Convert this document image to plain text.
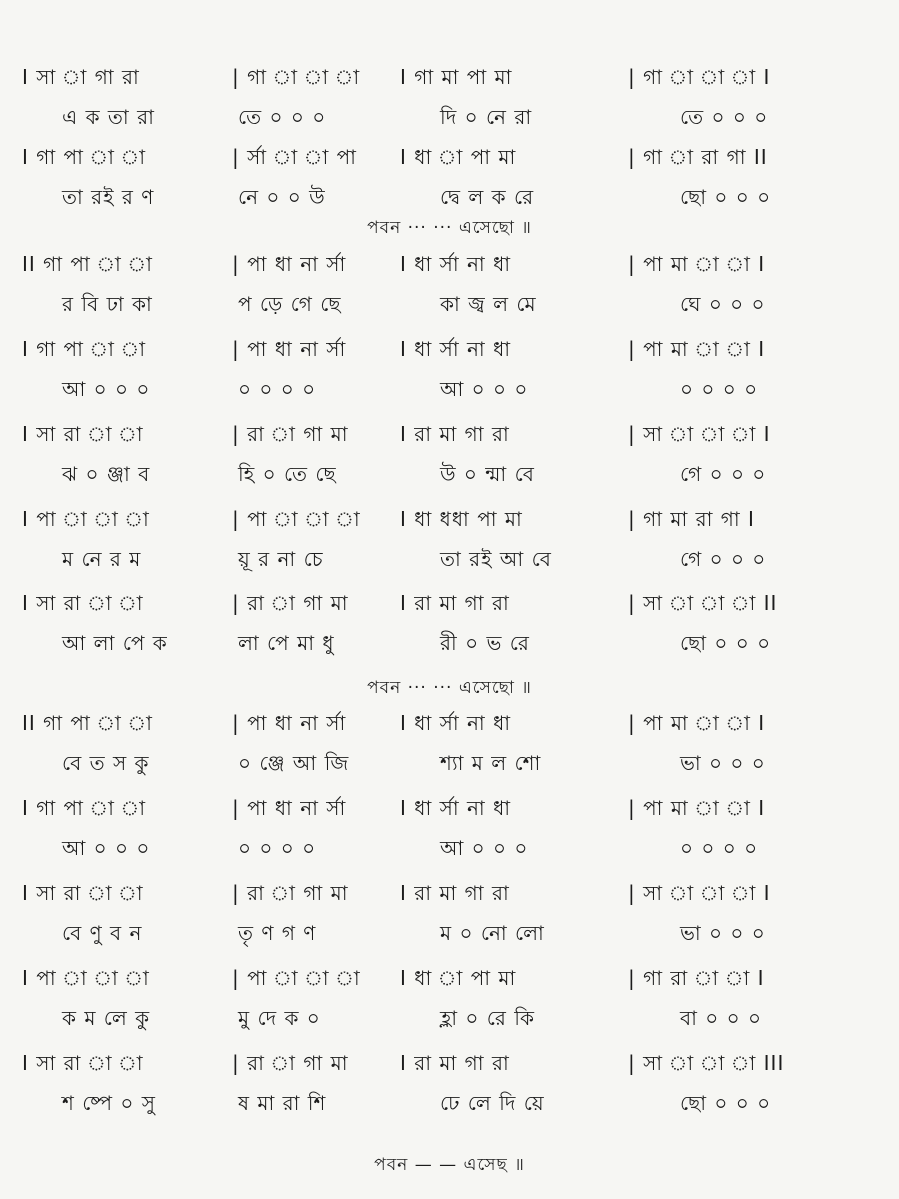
I সা া গা রা	| গা া া া I গা মা পা মা	| গা া া া I
এ ক তা রা	তে ০ ০ ০	দি ০ নে রা	তে ০ ০ ০
I গা পা া া	| র্সা া া পা I ধা া পা মা	| গা া রা গা II
তা রই র ণ	নে ০ ০ উ	দ্বে ল ক রে	ছো ০ ০ ০
পবন ··· ··· এসেছো ॥
II গা পা া া	| পা ধা না র্সা	I ধা র্সা না ধা	| পা মা া া I
র বি ঢা কা	প ড়ে গে ছে	কা জ্ব ল মে	ঘে ০ ০ ০
I গা পা া া	| পা ধা না র্সা	I ধা র্সা না ধা	| পা মা া া I
আ ০ ০ ০	০ ০ ০ ০	আ ০ ০ ০	০ ০ ০ ০
I সা রা া া	| রা া গা মা	I রা মা গা রা	| সা া া া I
ঝ ০ ঞ্জা ব	হি ০ তে ছে	উ ০ ন্মা বে	গে ০ ০ ০
I পা া া া	| পা া া া I ধা ধধা পা মা	| গা মা রা গা I
ম নে র ম	য়ূ র না চে	তা রই আ বে	গে ০ ০ ০
I সা রা া া	| রা া গা মা	I রা মা গা রা	| সা া া া II
আ লা পে ক	লা পে মা ধু	রী ০ ভ রে	ছো ০ ০ ০
পবন ··· ··· এসেছো ॥
II গা পা া া	| পা ধা না র্সা	I ধা র্সা না ধা	| পা মা া া I
বে ত স কু	০ ঞ্জে আ জি	শ্যা ম ল শো	ভা ০ ০ ০
I গা পা া া	| পা ধা না র্সা	I ধা র্সা না ধা	| পা মা া া I
আ ০ ০ ০	০ ০ ০ ০	আ ০ ০ ০	০ ০ ০ ০
I সা রা া া	| রা া গা মা	I রা মা গা রা	| সা া া া I
বে ণু ব ন	তৃ ণ গ ণ	ম ০ নো লো	ভা ০ ০ ০
I পা া া া	| পা া া া I ধা া পা মা	| গা রা া া I
ক ম লে কু	মু দে ক ০	হ্লা ০ রে কি	বা ০ ০ ০
I সা রা া া	| রা া গা মা	I রা মা গা রা	| সা া া া III
শ ষ্পে ০ সু	ষ মা রা শি	ঢে লে দি য়ে	ছো ০ ০ ০
পবন — — এসেছ ॥
